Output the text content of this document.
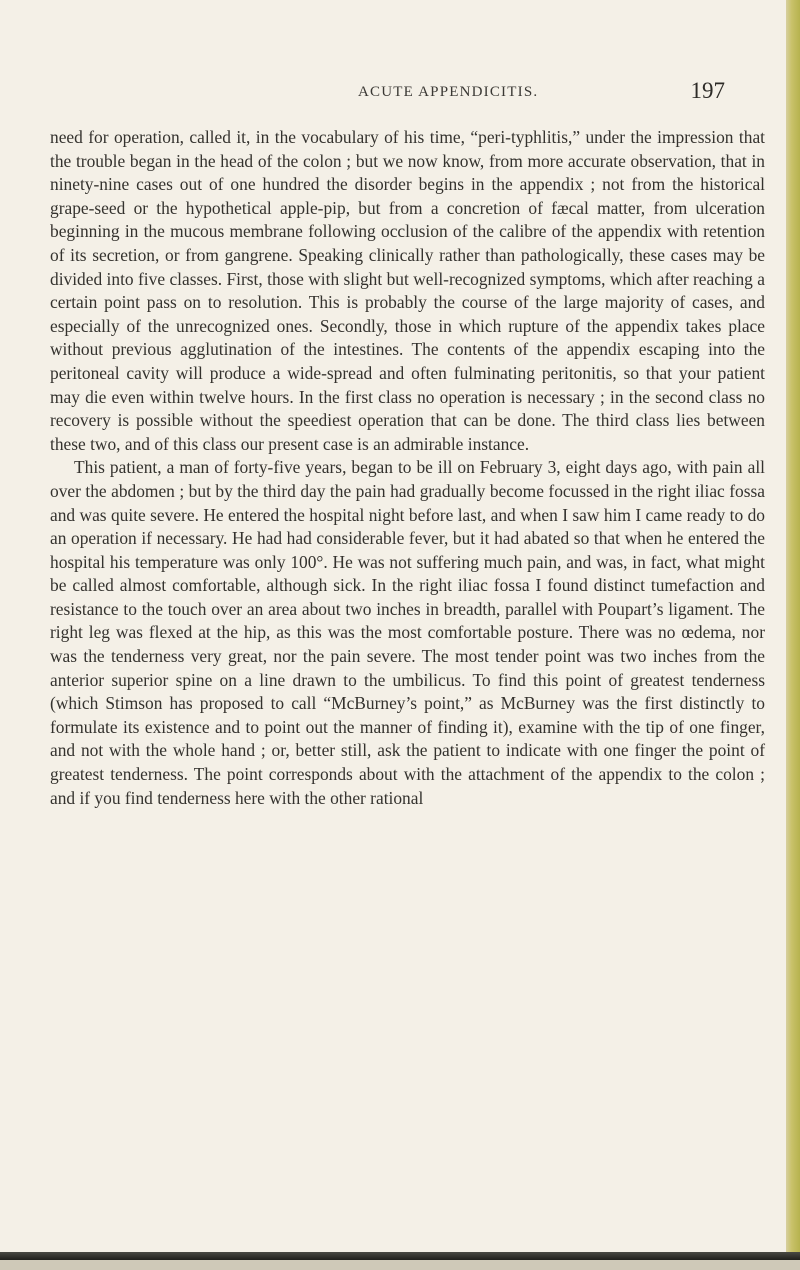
ACUTE APPENDICITIS.	197

need for operation, called it, in the vocabulary of his time, “peri-typhlitis,” under the impression that the trouble began in the head of the colon ; but we now know, from more accurate observation, that in ninety-nine cases out of one hundred the disorder begins in the appendix ; not from the historical grape-seed or the hypothetical apple-pip, but from a concretion of fæcal matter, from ulceration beginning in the mucous membrane following occlusion of the calibre of the appendix with retention of its secretion, or from gangrene. Speaking clinically rather than pathologically, these cases may be divided into five classes. First, those with slight but well-recognized symptoms, which after reaching a certain point pass on to resolution. This is probably the course of the large majority of cases, and especially of the unrecognized ones. Secondly, those in which rupture of the appendix takes place without previous agglutination of the intestines. The contents of the appendix escaping into the peritoneal cavity will produce a wide-spread and often fulminating peritonitis, so that your patient may die even within twelve hours. In the first class no operation is necessary ; in the second class no recovery is possible without the speediest operation that can be done. The third class lies between these two, and of this class our present case is an admirable instance.

This patient, a man of forty-five years, began to be ill on February 3, eight days ago, with pain all over the abdomen ; but by the third day the pain had gradually become focussed in the right iliac fossa and was quite severe. He entered the hospital night before last, and when I saw him I came ready to do an operation if necessary. He had had considerable fever, but it had abated so that when he entered the hospital his temperature was only 100°. He was not suffering much pain, and was, in fact, what might be called almost comfortable, although sick. In the right iliac fossa I found distinct tumefaction and resistance to the touch over an area about two inches in breadth, parallel with Poupart’s ligament. The right leg was flexed at the hip, as this was the most comfortable posture. There was no œdema, nor was the tenderness very great, nor the pain severe. The most tender point was two inches from the anterior superior spine on a line drawn to the umbilicus. To find this point of greatest tenderness (which Stimson has proposed to call “McBurney’s point,” as McBurney was the first distinctly to formulate its existence and to point out the manner of finding it), examine with the tip of one finger, and not with the whole hand ; or, better still, ask the patient to indicate with one finger the point of greatest tenderness. The point corresponds about with the attachment of the appendix to the colon ; and if you find tenderness here with the other rational
